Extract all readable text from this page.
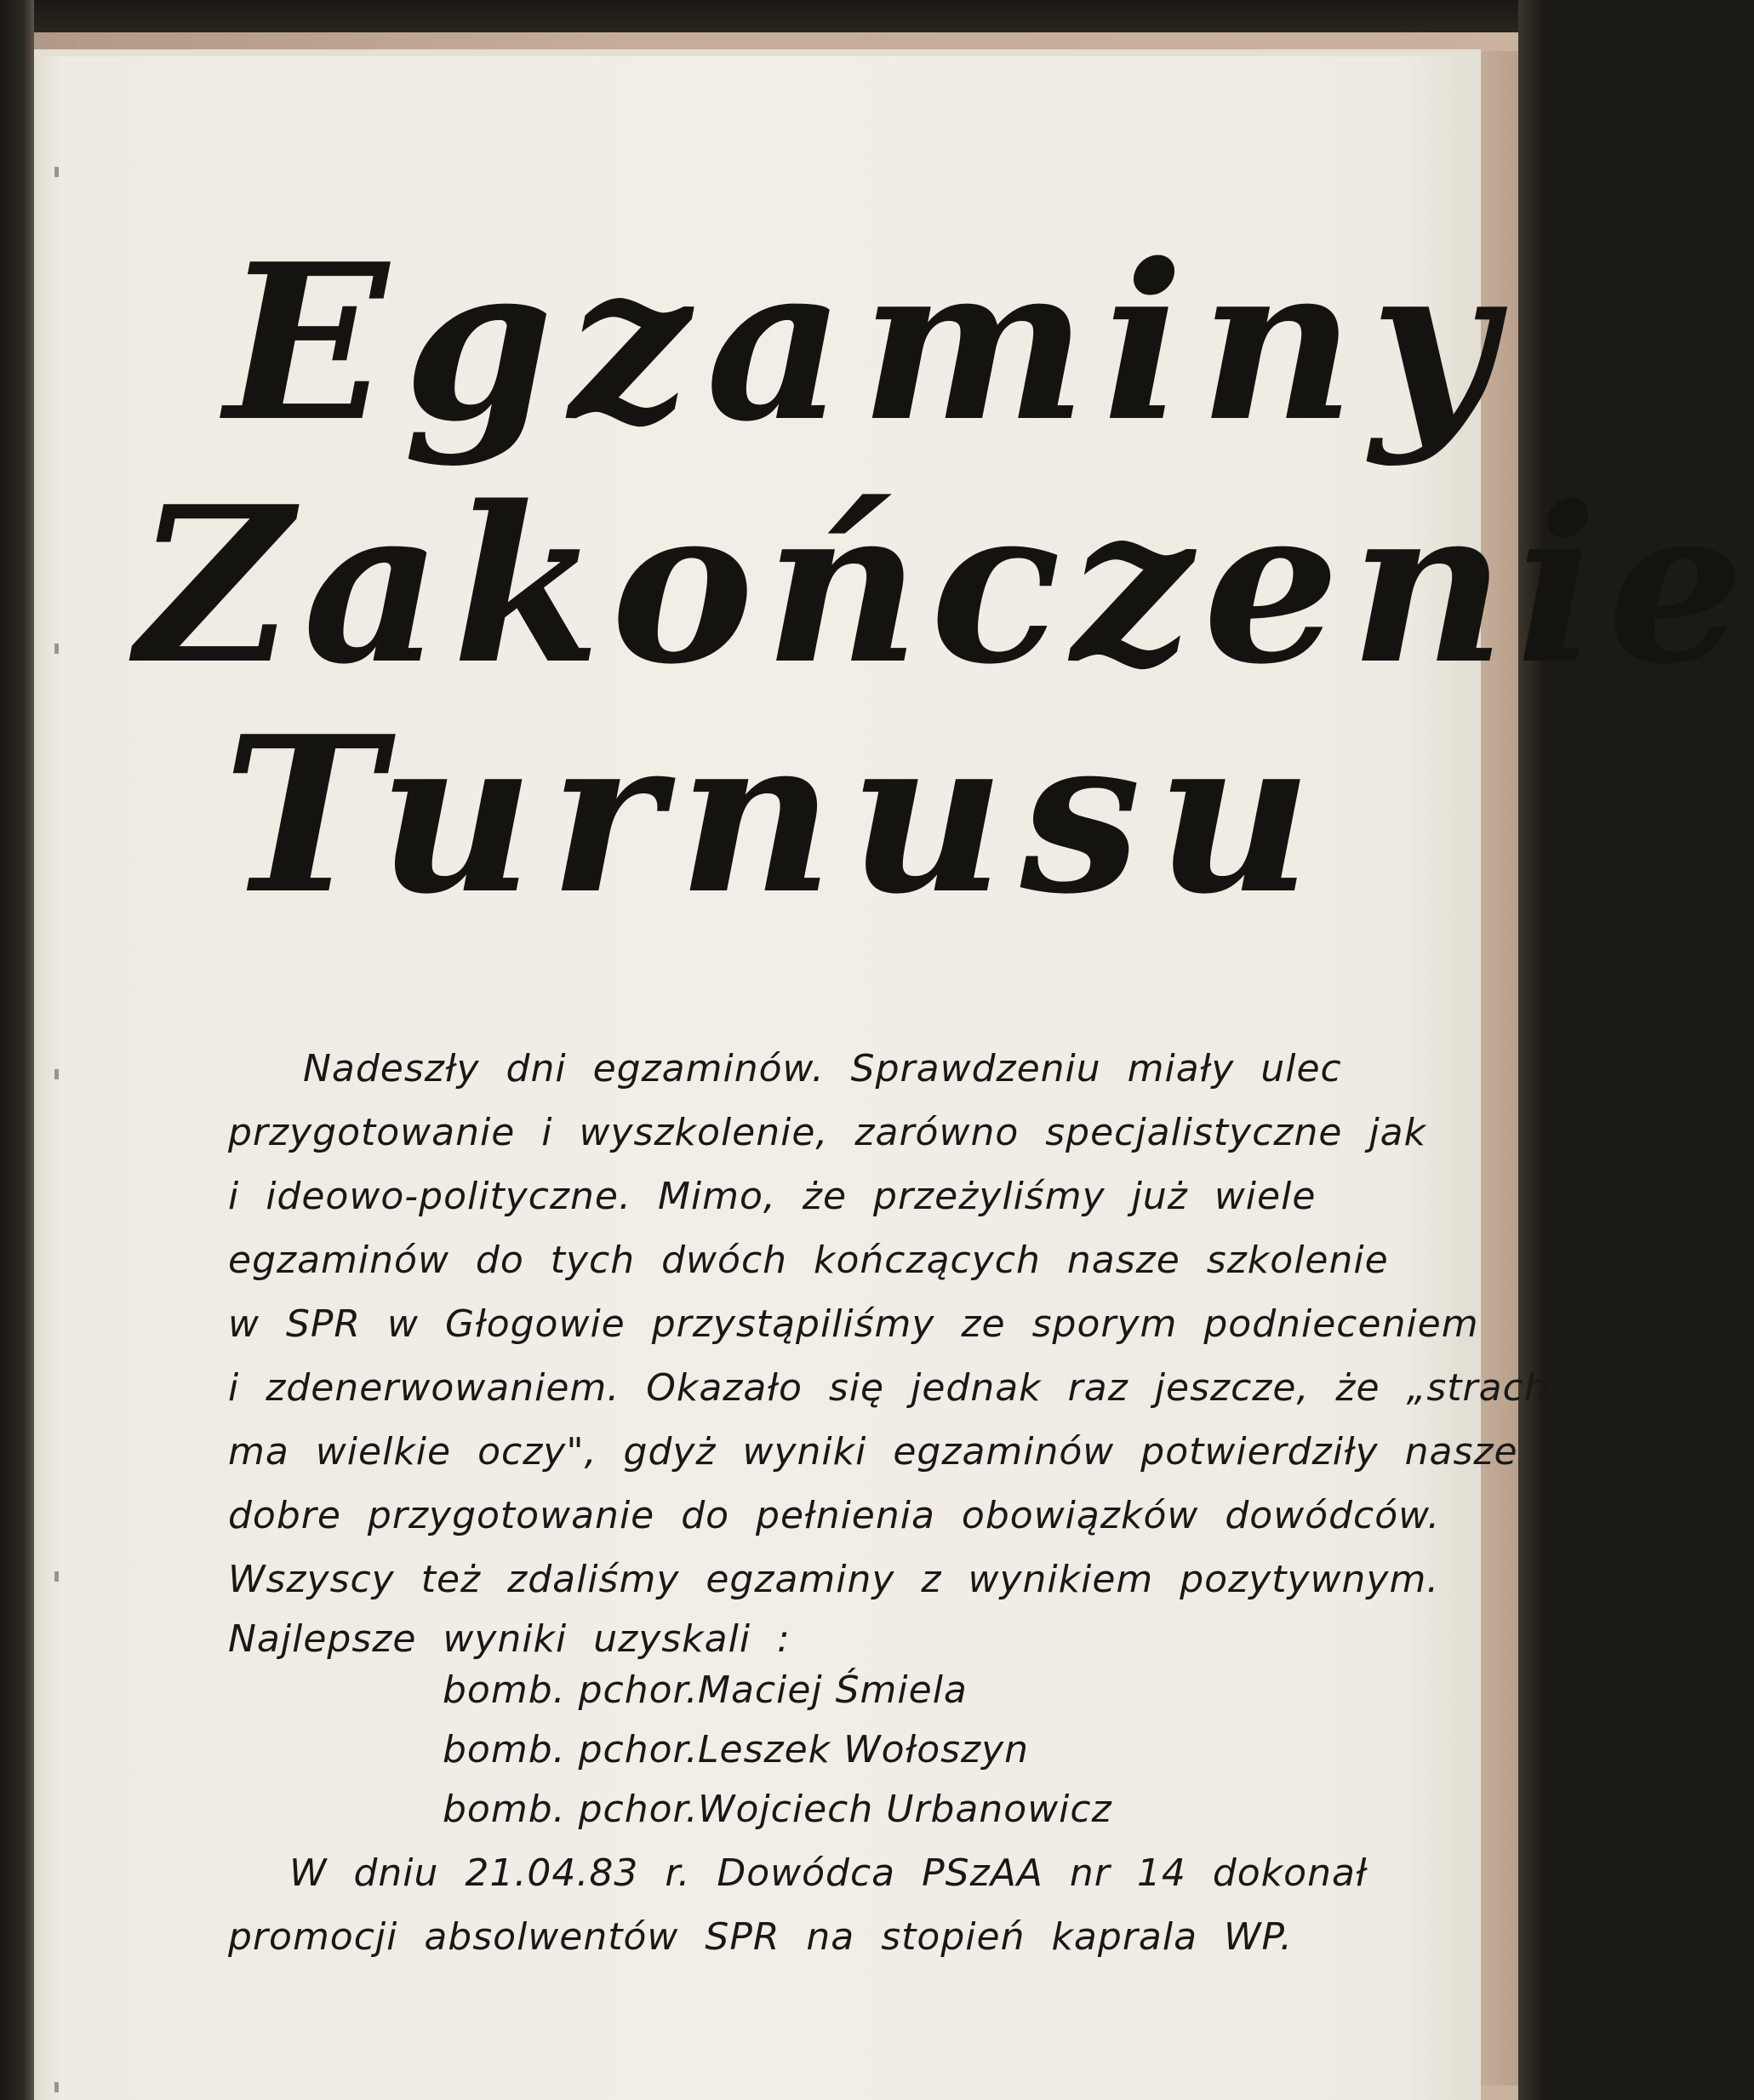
Egzaminy
Zakończenie
Turnusu
Nadeszły dni egzaminów. Sprawdzeniu miały ulec
przygotowanie i wyszkolenie, zarówno specjalistyczne jak
i ideowo-polityczne. Mimo, że przeżyliśmy już wiele
egzaminów do tych dwóch kończących nasze szkolenie
w SPR w Głogowie przystąpiliśmy ze sporym podnieceniem
i zdenerwowaniem. Okazało się jednak raz jeszcze, że „strach
ma wielkie oczy", gdyż wyniki egzaminów potwierdziły nasze
dobre przygotowanie do pełnienia obowiązków dowódców.
Wszyscy też zdaliśmy egzaminy z wynikiem pozytywnym.
Najlepsze wyniki uzyskali :
bomb. pchor.Maciej Śmiela
bomb. pchor.Leszek Wołoszyn
bomb. pchor.Wojciech Urbanowicz
W dniu 21.04.83 r. Dowódca PSzAA nr 14 dokonał
promocji absolwentów SPR na stopień kaprala WP.
